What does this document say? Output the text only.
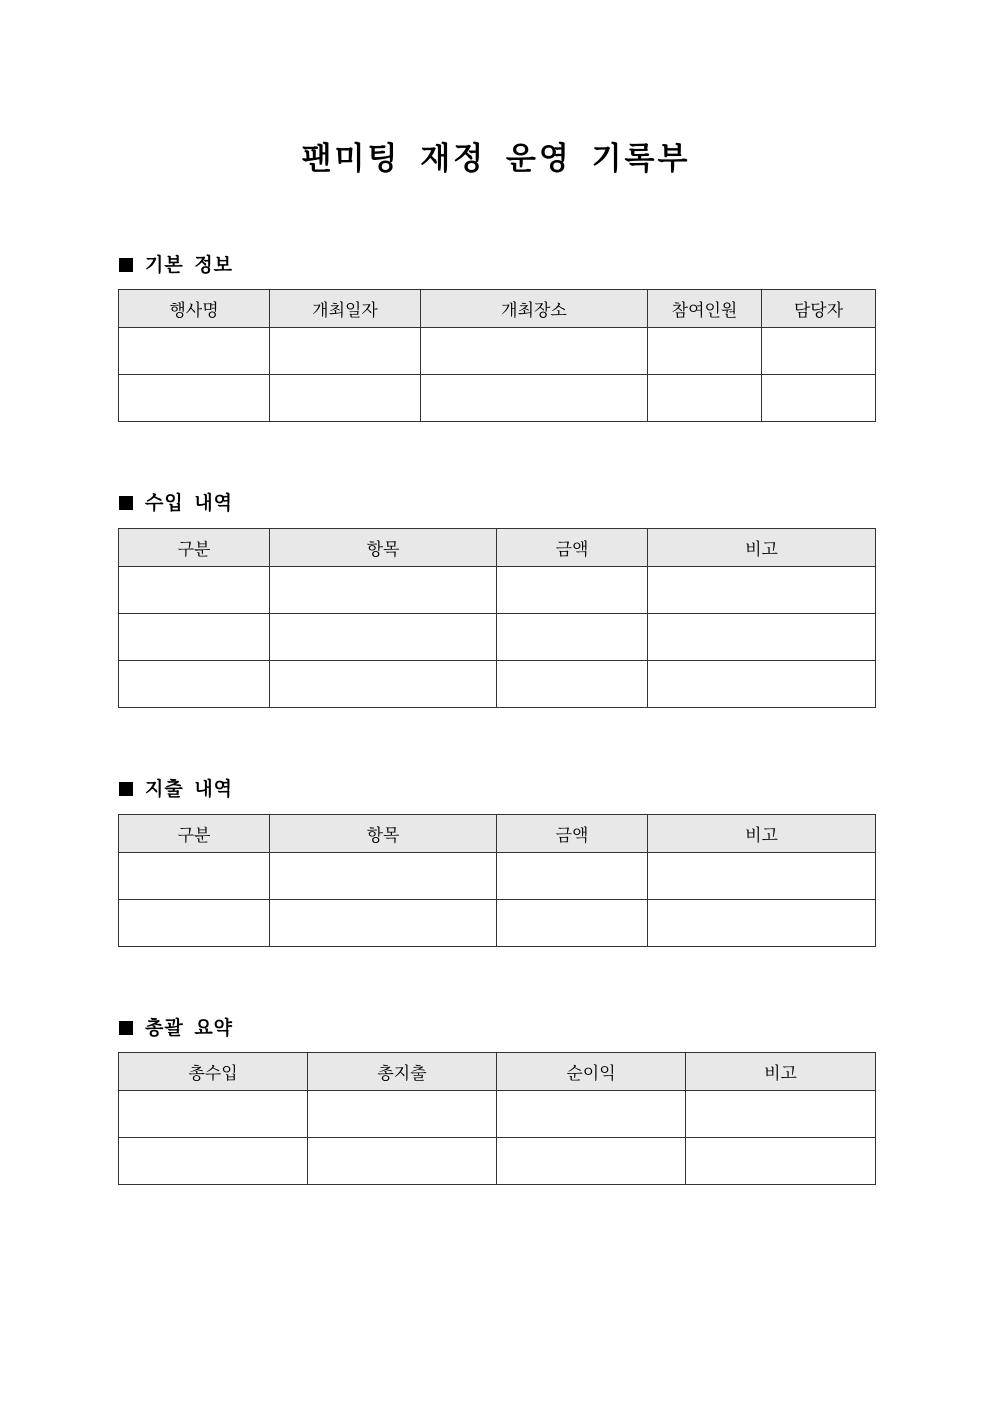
팬미팅 재정 운영 기록부
기본 정보
행사명	개최일자	개최장소	참여인원	담당자

수입 내역
구분	항목	금액	비고

지출 내역
구분	항목	금액	비고

총괄 요약
총수입	총지출	순이익	비고
